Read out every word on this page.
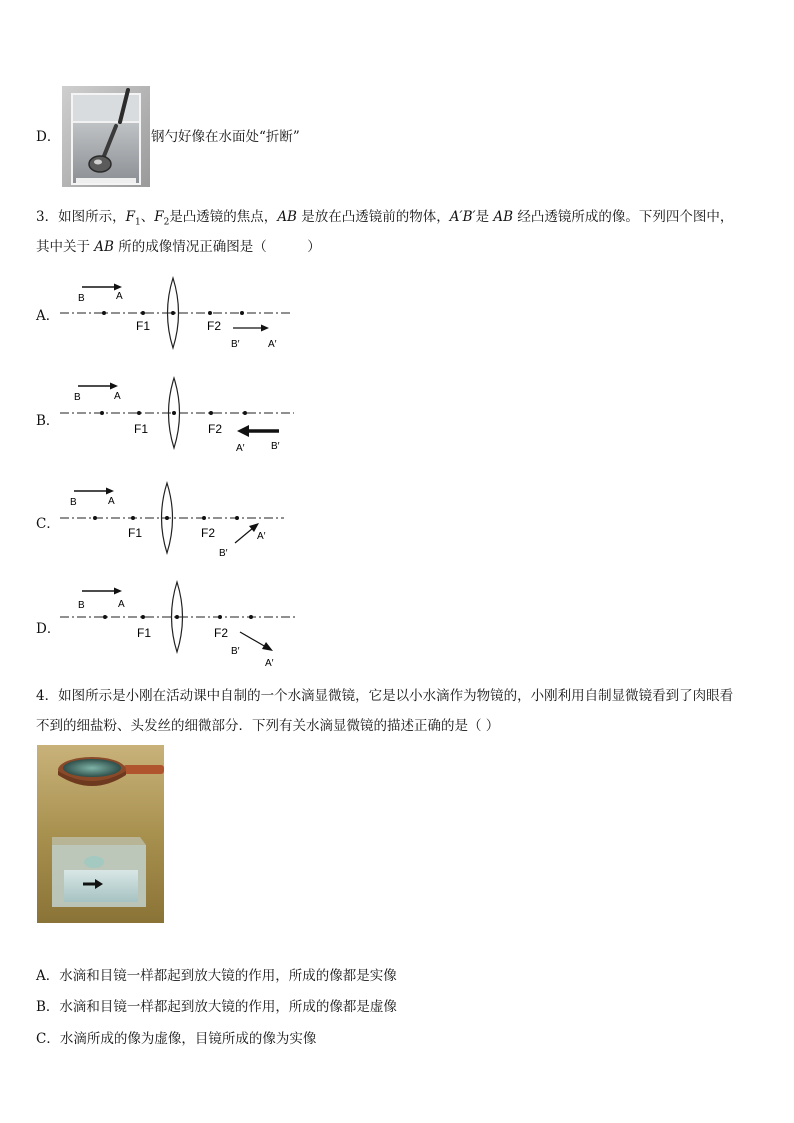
D．	钢勺好像在水面处“折断”
3．如图所示，$F_1$、$F_2$是凸透镜的焦点，AB 是放在凸透镜前的物体，A′B′是 AB 经凸透镜所成的像。下列四个图中，
其中关于 AB 所的成像情况正确图是（　　　）
A．
B	A
F1	F2
B′	A′
B．
B	A
F1	F2
A′	B′
C．
B	A
F1	F2
B′
A′
D．
B	A
F1	F2
B′
A′
4．如图所示是小刚在活动课中自制的一个水滴显微镜，它是以小水滴作为物镜的，小刚利用自制显微镜看到了肉眼看
不到的细盐粉、头发丝的细微部分．下列有关水滴显微镜的描述正确的是（ ）
A．水滴和目镜一样都起到放大镜的作用，所成的像都是实像
B．水滴和目镜一样都起到放大镜的作用，所成的像都是虚像
C．水滴所成的像为虚像，目镜所成的像为实像
